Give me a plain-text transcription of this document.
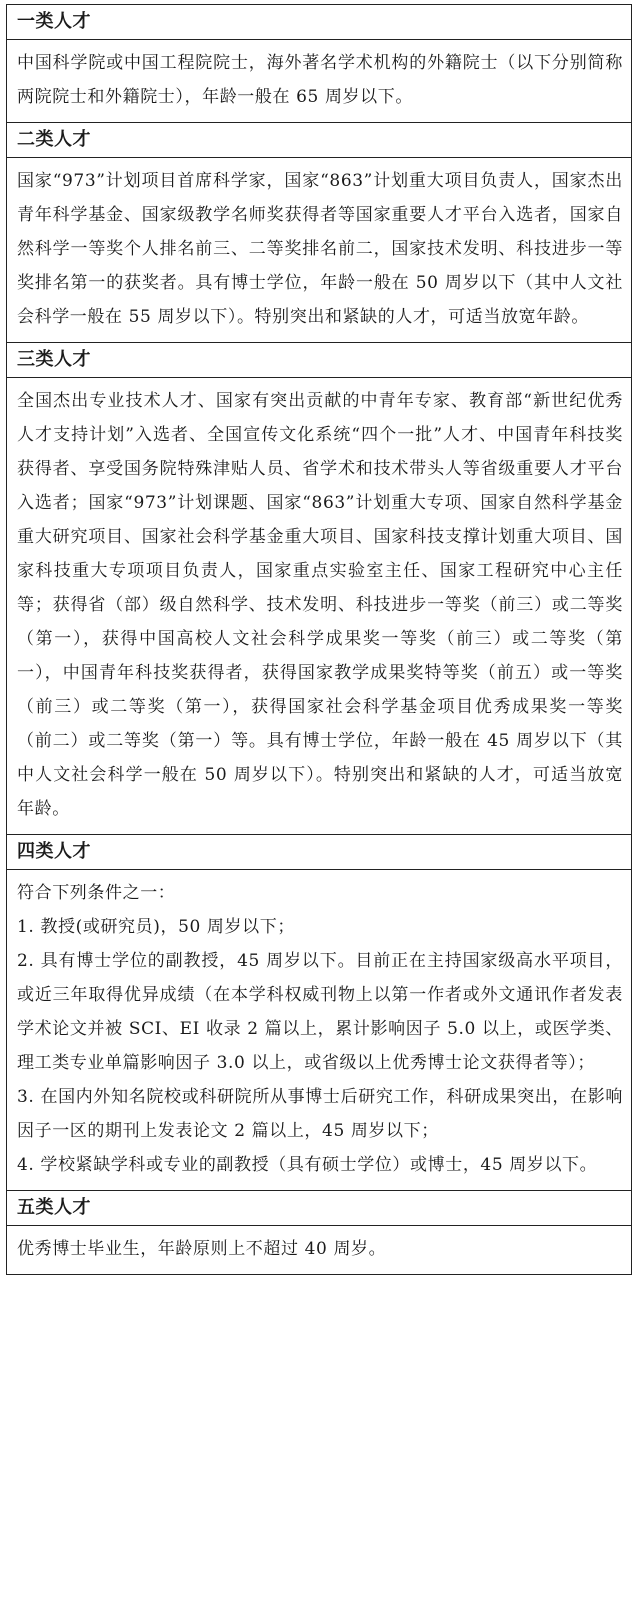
一类人才

中国科学院或中国工程院院士，海外著名学术机构的外籍院士（以下分别简称两院院士和外籍院士），年龄一般在 65 周岁以下。

二类人才

国家“973”计划项目首席科学家，国家“863”计划重大项目负责人，国家杰出青年科学基金、国家级教学名师奖获得者等国家重要人才平台入选者，国家自然科学一等奖个人排名前三、二等奖排名前二，国家技术发明、科技进步一等奖排名第一的获奖者。具有博士学位，年龄一般在 50 周岁以下（其中人文社会科学一般在 55 周岁以下）。特别突出和紧缺的人才，可适当放宽年龄。

三类人才

全国杰出专业技术人才、国家有突出贡献的中青年专家、教育部“新世纪优秀人才支持计划”入选者、全国宣传文化系统“四个一批”人才、中国青年科技奖获得者、享受国务院特殊津贴人员、省学术和技术带头人等省级重要人才平台入选者；国家“973”计划课题、国家“863”计划重大专项、国家自然科学基金重大研究项目、国家社会科学基金重大项目、国家科技支撑计划重大项目、国家科技重大专项项目负责人，国家重点实验室主任、国家工程研究中心主任等；获得省（部）级自然科学、技术发明、科技进步一等奖（前三）或二等奖（第一），获得中国高校人文社会科学成果奖一等奖（前三）或二等奖（第一），中国青年科技奖获得者，获得国家教学成果奖特等奖（前五）或一等奖（前三）或二等奖（第一），获得国家社会科学基金项目优秀成果奖一等奖（前二）或二等奖（第一）等。具有博士学位，年龄一般在 45 周岁以下（其中人文社会科学一般在 50 周岁以下）。特别突出和紧缺的人才，可适当放宽年龄。

四类人才

符合下列条件之一：

1. 教授(或研究员)，50 周岁以下；

2. 具有博士学位的副教授，45 周岁以下。目前正在主持国家级高水平项目，或近三年取得优异成绩（在本学科权威刊物上以第一作者或外文通讯作者发表学术论文并被 SCI、EI 收录 2 篇以上，累计影响因子 5.0 以上，或医学类、理工类专业单篇影响因子 3.0 以上，或省级以上优秀博士论文获得者等）；

3. 在国内外知名院校或科研院所从事博士后研究工作，科研成果突出，在影响因子一区的期刊上发表论文 2 篇以上，45 周岁以下；

4. 学校紧缺学科或专业的副教授（具有硕士学位）或博士，45 周岁以下。

五类人才

优秀博士毕业生，年龄原则上不超过 40 周岁。
